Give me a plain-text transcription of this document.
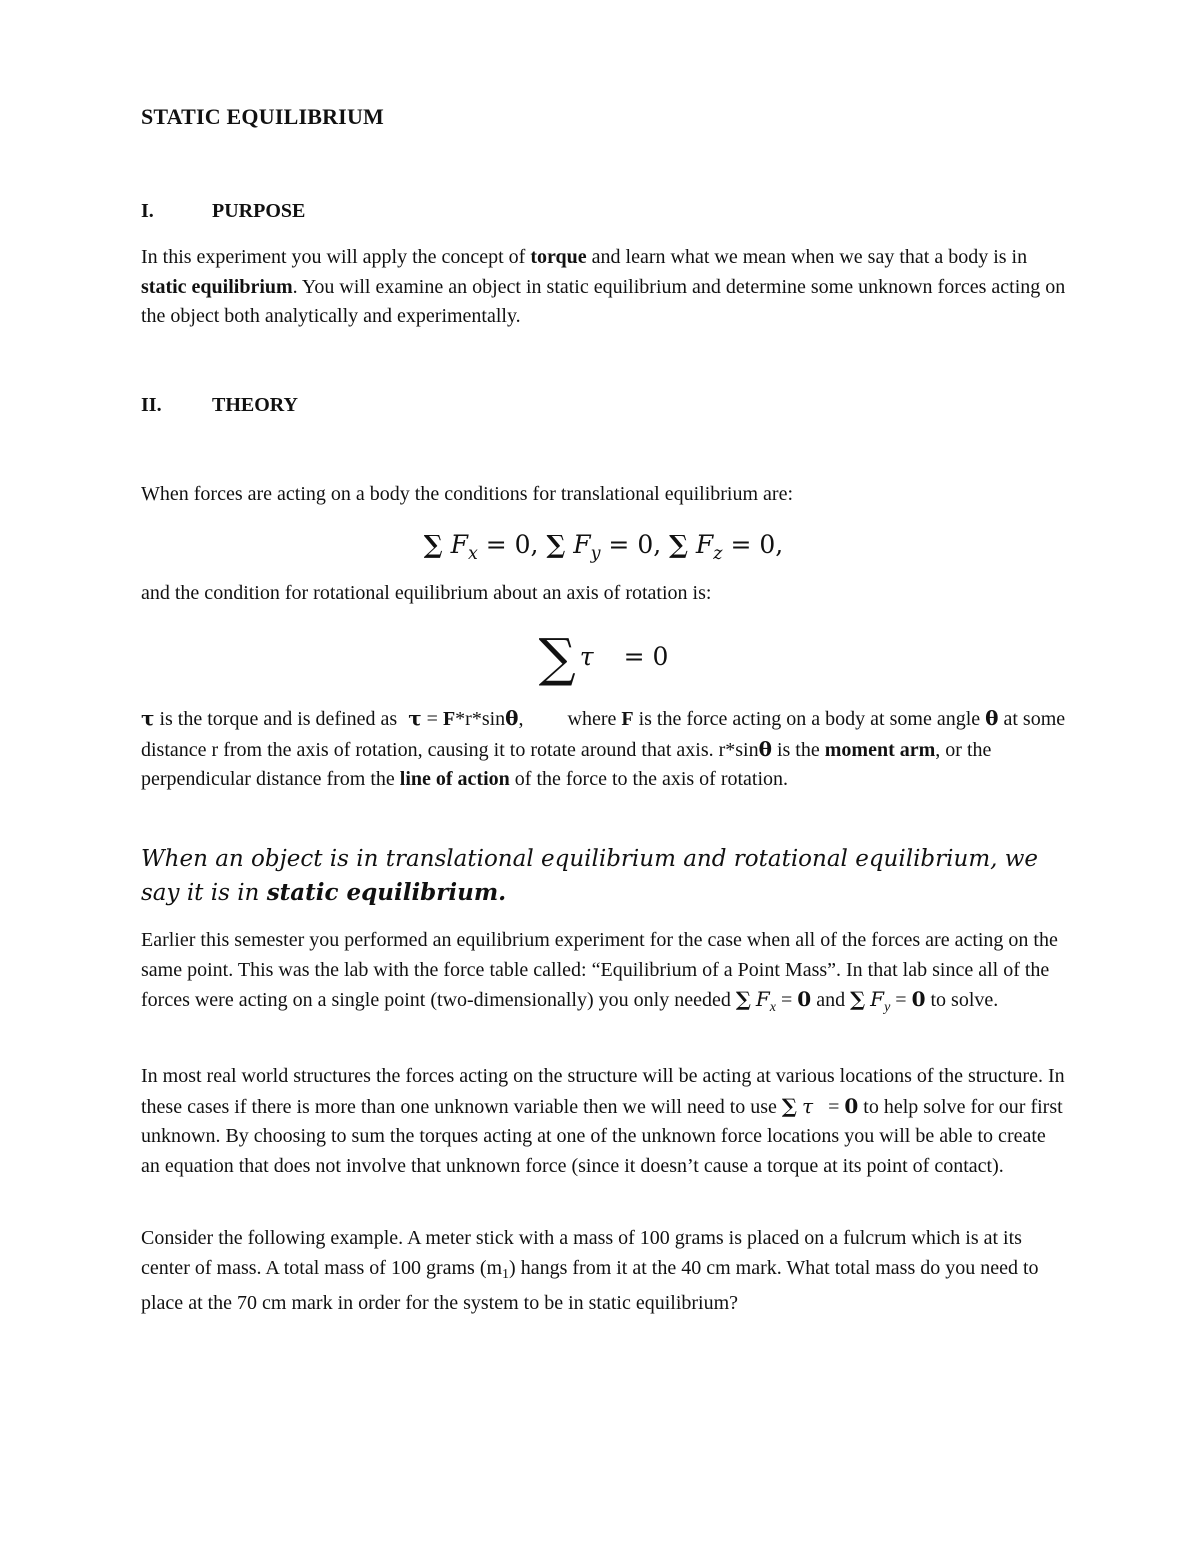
STATIC EQUILIBRIUM
I.	PURPOSE

In this experiment you will apply the concept of torque and learn what we mean when we say that a body is in static equilibrium. You will examine an object in static equilibrium and determine some unknown forces acting on the object both analytically and experimentally.

II.	THEORY

When forces are acting on a body the conditions for translational equilibrium are:

∑ $F_x = 0$, ∑ $F_y = 0$, ∑ $F_z = 0$,

and the condition for rotational equilibrium about an axis of rotation is:

∑ τ = 0

τ is the torque and is defined as τ = F*r*sinθ, where F is the force acting on a body at some angle θ at some distance r from the axis of rotation, causing it to rotate around that axis. r*sinθ is the moment arm, or the perpendicular distance from the line of action of the force to the axis of rotation.

When an object is in translational equilibrium and rotational equilibrium, we say it is in static equilibrium.

Earlier this semester you performed an equilibrium experiment for the case when all of the forces are acting on the same point. This was the lab with the force table called: “Equilibrium of a Point Mass”. In that lab since all of the forces were acting on a single point (two-dimensionally) you only needed ∑ $F_x = 0$ and ∑ $F_y = 0$ to solve.

In most real world structures the forces acting on the structure will be acting at various locations of the structure. In these cases if there is more than one unknown variable then we will need to use ∑ τ   = 0 to help solve for our first unknown. By choosing to sum the torques acting at one of the unknown force locations you will be able to create an equation that does not involve that unknown force (since it doesn’t cause a torque at its point of contact).

Consider the following example. A meter stick with a mass of 100 grams is placed on a fulcrum which is at its center of mass. A total mass of 100 grams $(m_1)$ hangs from it at the 40 cm mark. What total mass do you need to place at the 70 cm mark in order for the system to be in static equilibrium?
